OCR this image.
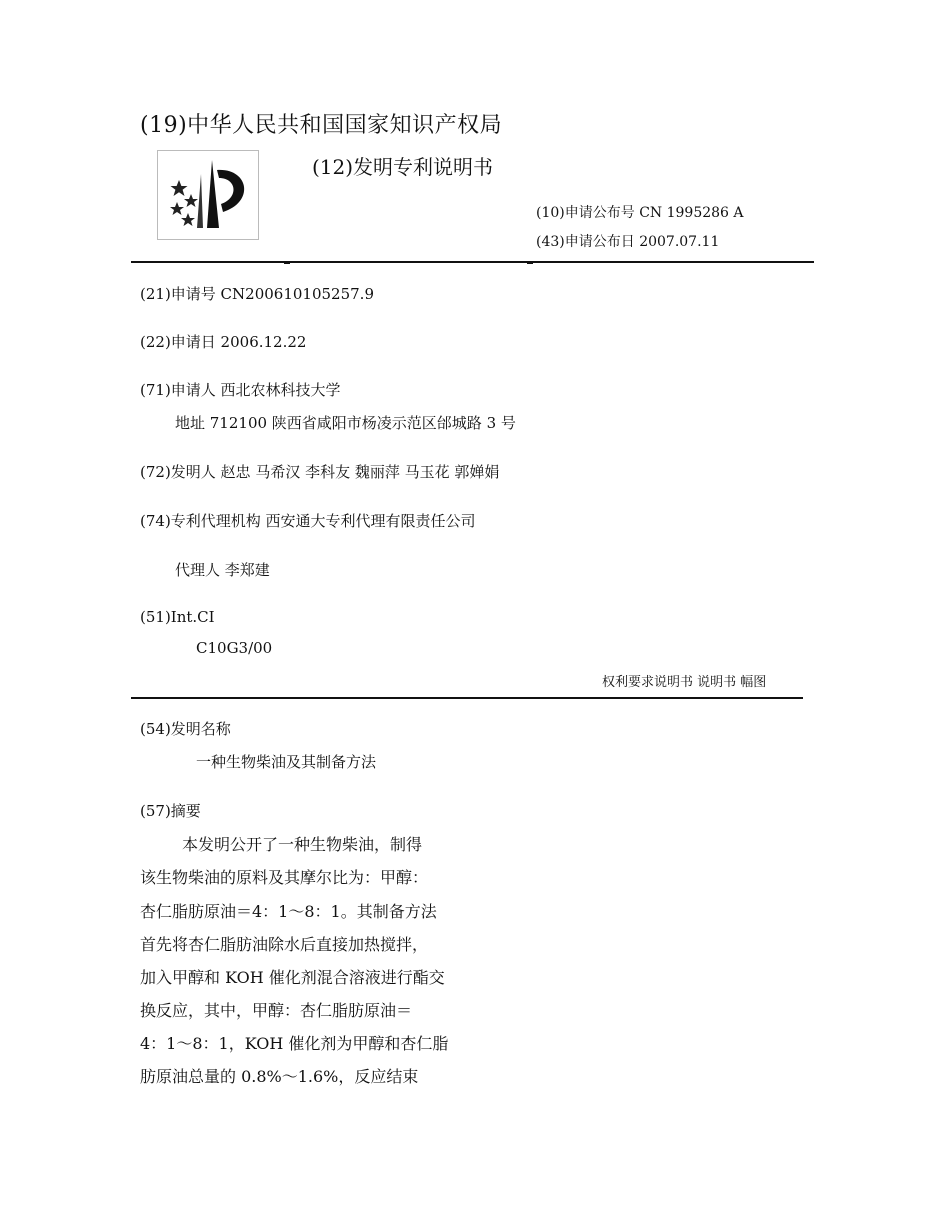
(19)中华人民共和国国家知识产权局
(12)发明专利说明书
(10)申请公布号 CN 1995286 A
(43)申请公布日 2007.07.11
(21)申请号 CN200610105257.9
(22)申请日 2006.12.22
(71)申请人 西北农林科技大学
地址 712100 陕西省咸阳市杨凌示范区邰城路 3 号
(72)发明人 赵忠 马希汉 李科友 魏丽萍 马玉花 郭婵娟
(74)专利代理机构 西安通大专利代理有限责任公司
代理人 李郑建
(51)Int.CI
C10G3/00
权利要求说明书 说明书 幅图
(54)发明名称
一种生物柴油及其制备方法
(57)摘要
本发明公开了一种生物柴油，制得
该生物柴油的原料及其摩尔比为：甲醇：
杏仁脂肪原油＝4：1～8：1。其制备方法
首先将杏仁脂肪油除水后直接加热搅拌，
加入甲醇和 KOH 催化剂混合溶液进行酯交
换反应，其中，甲醇：杏仁脂肪原油＝
4：1～8：1，KOH 催化剂为甲醇和杏仁脂
肪原油总量的 0.8%～1.6%，反应结束
